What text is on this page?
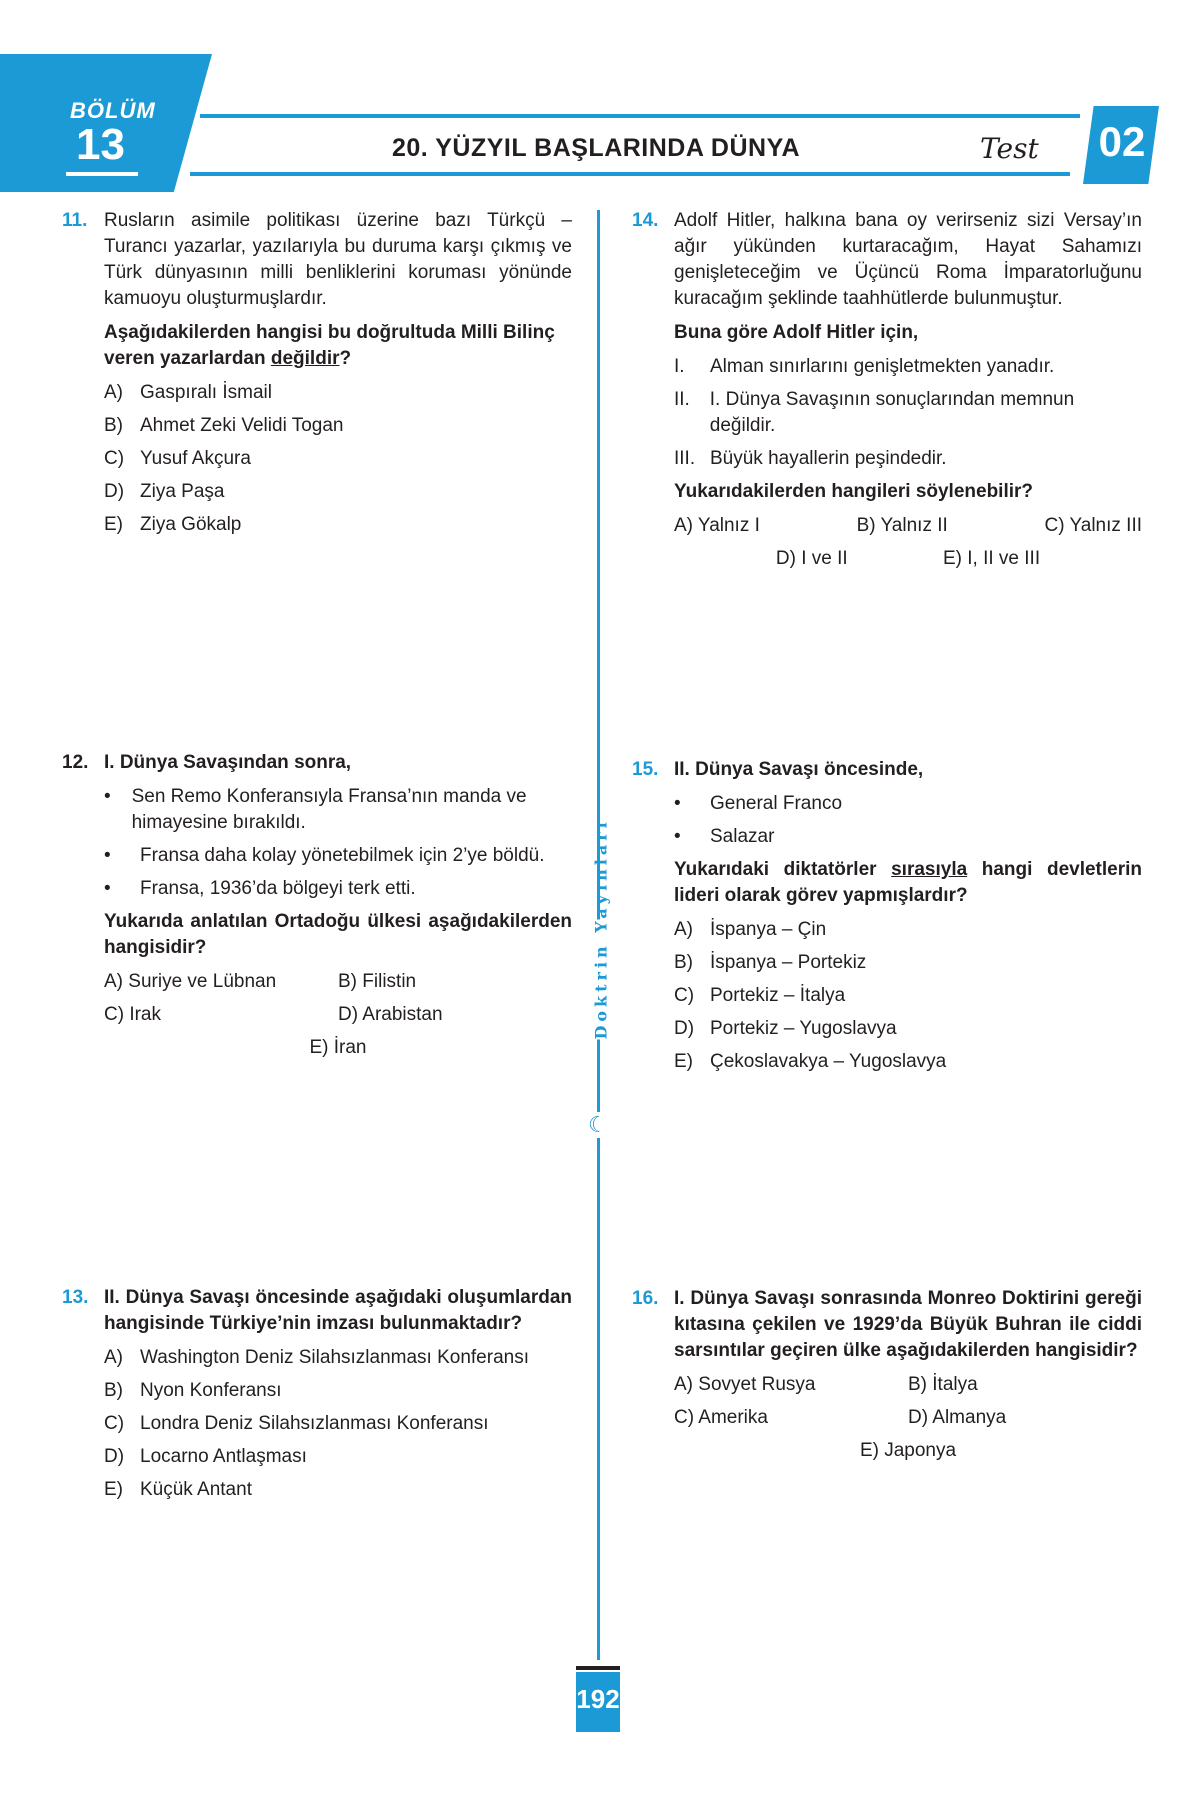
BÖLÜM
13	20. YÜZYIL BAŞLARINDA DÜNYA	Test	02
Doktrin Yayınları
☾
11. Rusların asimile politikası üzerine bazı Türkçü – Turancı yazarlar, yazılarıyla bu duruma karşı çıkmış ve Türk dünyasının milli benliklerini koruması yönünde kamuoyu oluşturmuşlardır.

Aşağıdakilerden hangisi bu doğrultuda Milli Bilinç veren yazarlardan değildir?

A) Gaspıralı İsmail
B) Ahmet Zeki Velidi Togan
C) Yusuf Akçura
D) Ziya Paşa
E) Ziya Gökalp
12. I. Dünya Savaşından sonra,

•	Sen Remo Konferansıyla Fransa’nın manda ve himayesine bırakıldı.
•	Fransa daha kolay yönetebilmek için 2’ye böldü.
•	Fransa, 1936’da bölgeyi terk etti.

Yukarıda anlatılan Ortadoğu ülkesi aşağıdakilerden hangisidir?

A) Suriye ve Lübnan	B) Filistin
C) Irak	D) Arabistan
E) İran
13. II. Dünya Savaşı öncesinde aşağıdaki oluşumlardan hangisinde Türkiye’nin imzası bulunmaktadır?

A) Washington Deniz Silahsızlanması Konferansı
B) Nyon Konferansı
C) Londra Deniz Silahsızlanması Konferansı
D) Locarno Antlaşması
E) Küçük Antant
14. Adolf Hitler, halkına bana oy verirseniz sizi Versay’ın ağır yükünden kurtaracağım, Hayat Sahamızı genişleteceğim ve Üçüncü Roma İmparatorluğunu kuracağım şeklinde taahhütlerde bulunmuştur.

Buna göre Adolf Hitler için,

I.	Alman sınırlarını genişletmekten yanadır.
II.	I. Dünya Savaşının sonuçlarından memnun değildir.
III. Büyük hayallerin peşindedir.

Yukarıdakilerden hangileri söylenebilir?

A) Yalnız I	B) Yalnız II	C) Yalnız III
D) I ve II	E) I, II ve III
15. II. Dünya Savaşı öncesinde,

•	General Franco
•	Salazar

Yukarıdaki diktatörler sırasıyla hangi devletlerin lideri olarak görev yapmışlardır?

A) İspanya – Çin
B) İspanya – Portekiz
C) Portekiz – İtalya
D) Portekiz – Yugoslavya
E) Çekoslavakya – Yugoslavya
16. I. Dünya Savaşı sonrasında Monreo Doktirini gereği kıtasına çekilen ve 1929’da Büyük Buhran ile ciddi sarsıntılar geçiren ülke aşağıdakilerden hangisidir?

A) Sovyet Rusya	B) İtalya
C) Amerika	D) Almanya
E) Japonya
192
